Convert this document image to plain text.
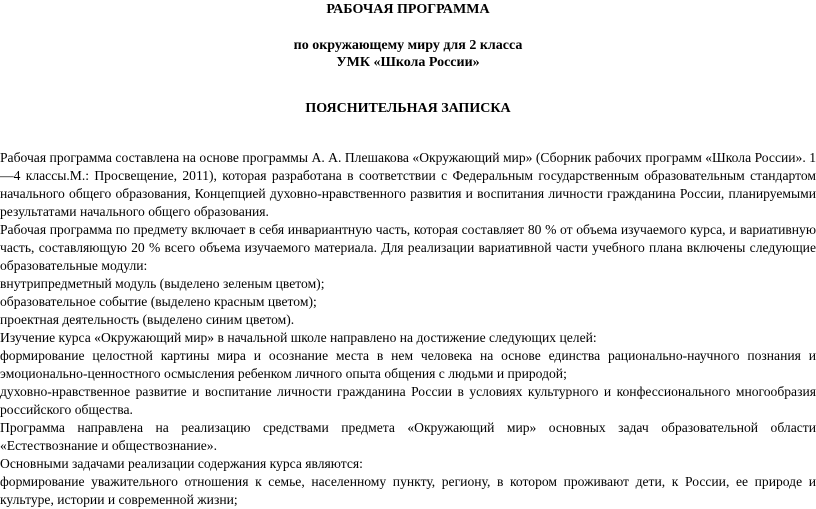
РАБОЧАЯ ПРОГРАММА
по окружающему миру для 2 класса
УМК «Школа России»
ПОЯСНИТЕЛЬНАЯ ЗАПИСКА

Рабочая программа составлена на основе программы А. А. Плешакова «Окружающий мир» (Сборник рабочих программ «Школа России». 1—4 классы.М.: Просвещение, 2011), которая разработана в соответствии с Федеральным государственным образовательным стандартом начального общего образования, Концепцией духовно-нравственного развития и воспитания личности гражданина России, планируемыми результатами начального общего образования.

Рабочая программа по предмету включает в себя инвариантную часть, которая составляет 80 % от объема изучаемого курса, и вариативную часть, составляющую 20 % всего объема изучаемого материала. Для реализации вариативной части учебного плана включены следующие образовательные модули:

внутрипредметный модуль (выделено зеленым цветом);

образовательное событие (выделено красным цветом);

проектная деятельность (выделено синим цветом).

Изучение курса «Окружающий мир» в начальной школе направлено на достижение следующих целей:

формирование целостной картины мира и осознание места в нем человека на основе единства рационально-научного познания и эмоционально-ценностного осмысления ребенком личного опыта общения с людьми и природой;

духовно-нравственное развитие и воспитание личности гражданина России в условиях культурного и конфессионального многообразия российского общества.

Программа направлена на реализацию средствами предмета «Окружающий мир» основных задач образовательной области «Естествознание и обществознание».

Основными задачами реализации содержания курса являются:

формирование уважительного отношения к семье, населенному пункту, региону, в котором проживают дети, к России, ее природе и культуре, истории и современной жизни;
